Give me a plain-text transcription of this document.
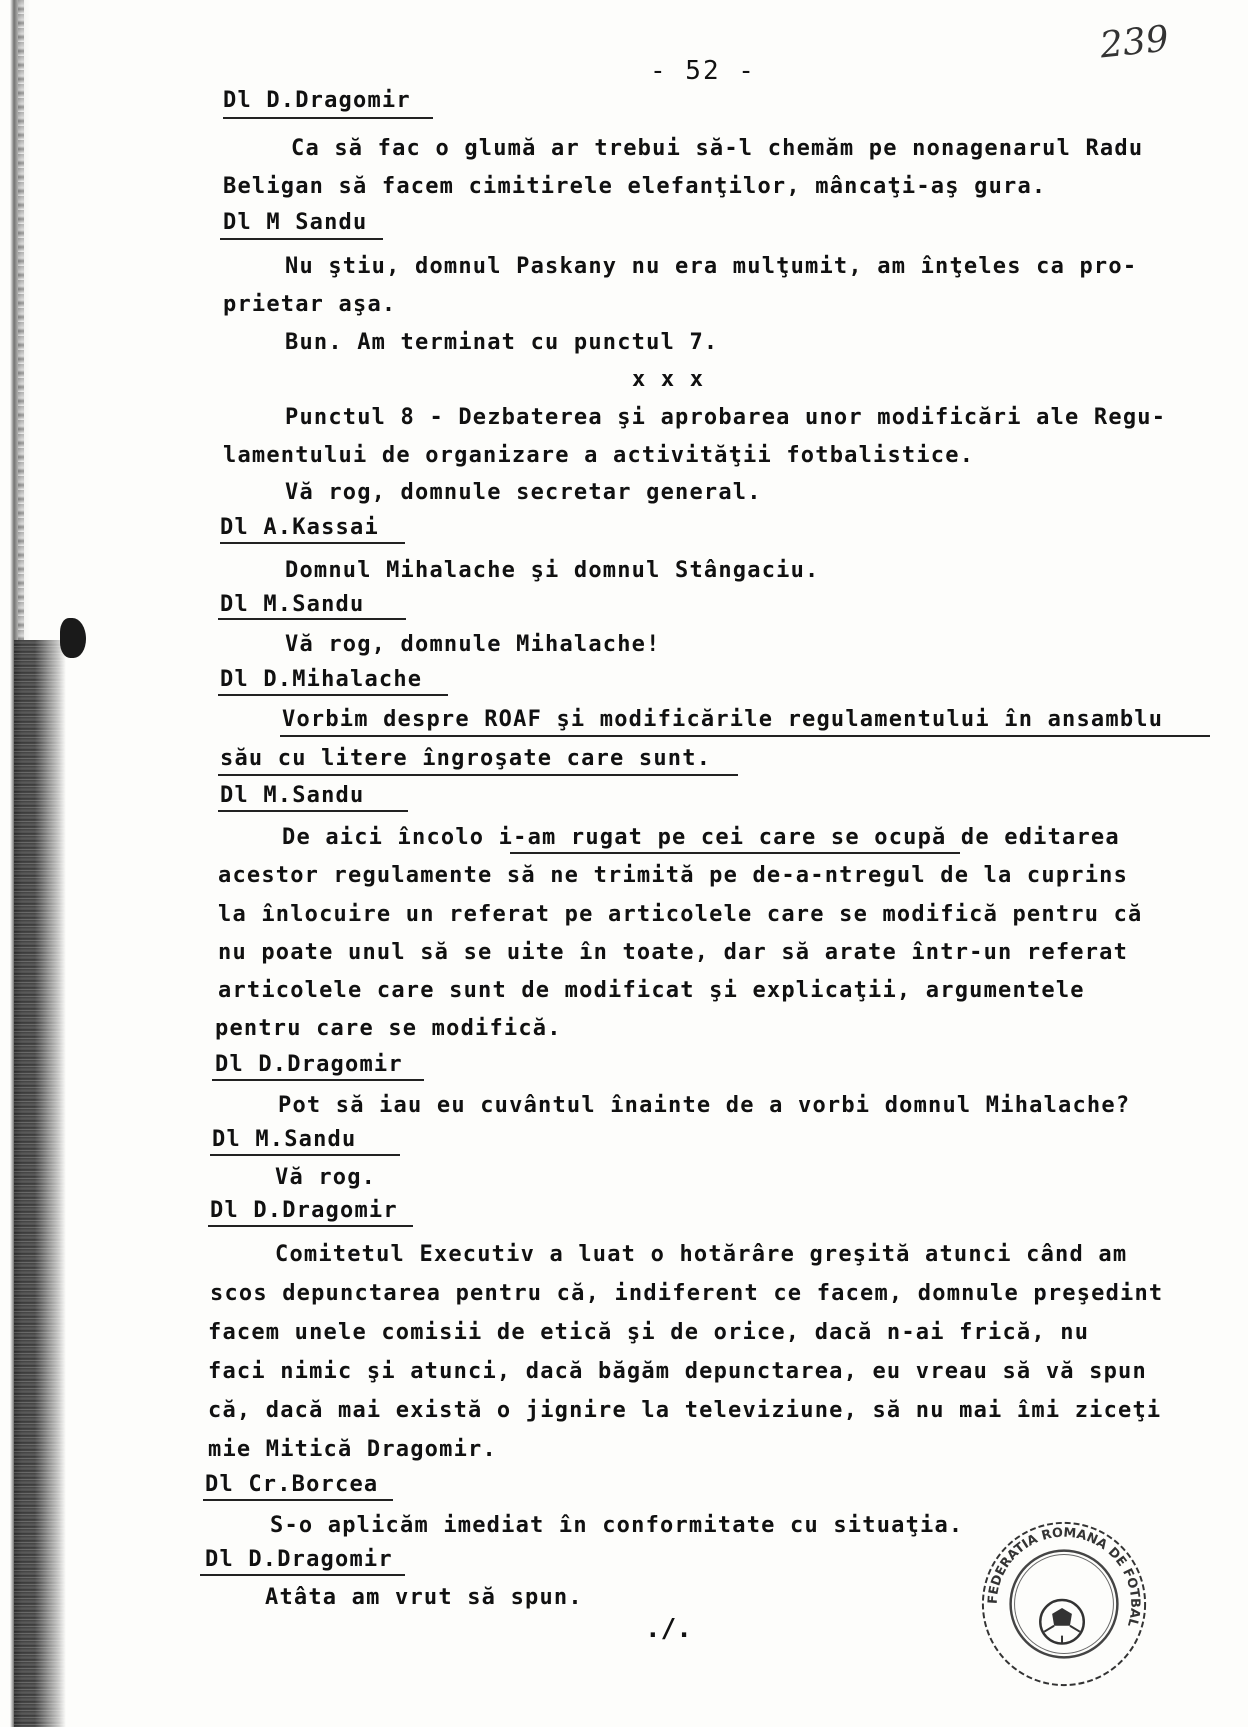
239
- 52 -
Dl D.Dragomir
Ca să fac o glumă ar trebui să-l chemăm pe nonagenarul Radu
Beligan să facem cimitirele elefanţilor, mâncaţi-aş gura.
Dl M Sandu
Nu ştiu, domnul Paskany nu era mulţumit, am înţeles ca pro-
prietar aşa.
Bun. Am terminat cu punctul 7.
x x x
Punctul 8 - Dezbaterea şi aprobarea unor modificări ale Regu-
lamentului de organizare a activităţii fotbalistice.
Vă rog, domnule secretar general.
Dl A.Kassai
Domnul Mihalache şi domnul Stângaciu.
Dl M.Sandu
Vă rog, domnule Mihalache!
Dl D.Mihalache
Vorbim despre ROAF şi modificările regulamentului în ansamblu
său cu litere îngroşate care sunt.
Dl M.Sandu
De aici încolo i-am rugat pe cei care se ocupă de editarea
acestor regulamente să ne trimită pe de-a-ntregul de la cuprins
la înlocuire un referat pe articolele care se modifică pentru că
nu poate unul să se uite în toate, dar să arate într-un referat
articolele care sunt de modificat şi explicaţii, argumentele
pentru care se modifică.
Dl D.Dragomir
Pot să iau eu cuvântul înainte de a vorbi domnul Mihalache?
Dl M.Sandu
Vă rog.
Dl D.Dragomir
Comitetul Executiv a luat o hotărâre greşită atunci când am
scos depunctarea pentru că, indiferent ce facem, domnule preşedint
facem unele comisii de etică şi de orice, dacă n-ai frică, nu
faci nimic şi atunci, dacă băgăm depunctarea, eu vreau să vă spun
că, dacă mai există o jignire la televiziune, să nu mai îmi ziceţi
mie Mitică Dragomir.
Dl Cr.Borcea
S-o aplicăm imediat în conformitate cu situaţia.
Dl D.Dragomir
Atâta am vrut să spun.
./.
FEDERATIA ROMANA DE FOTBAL
